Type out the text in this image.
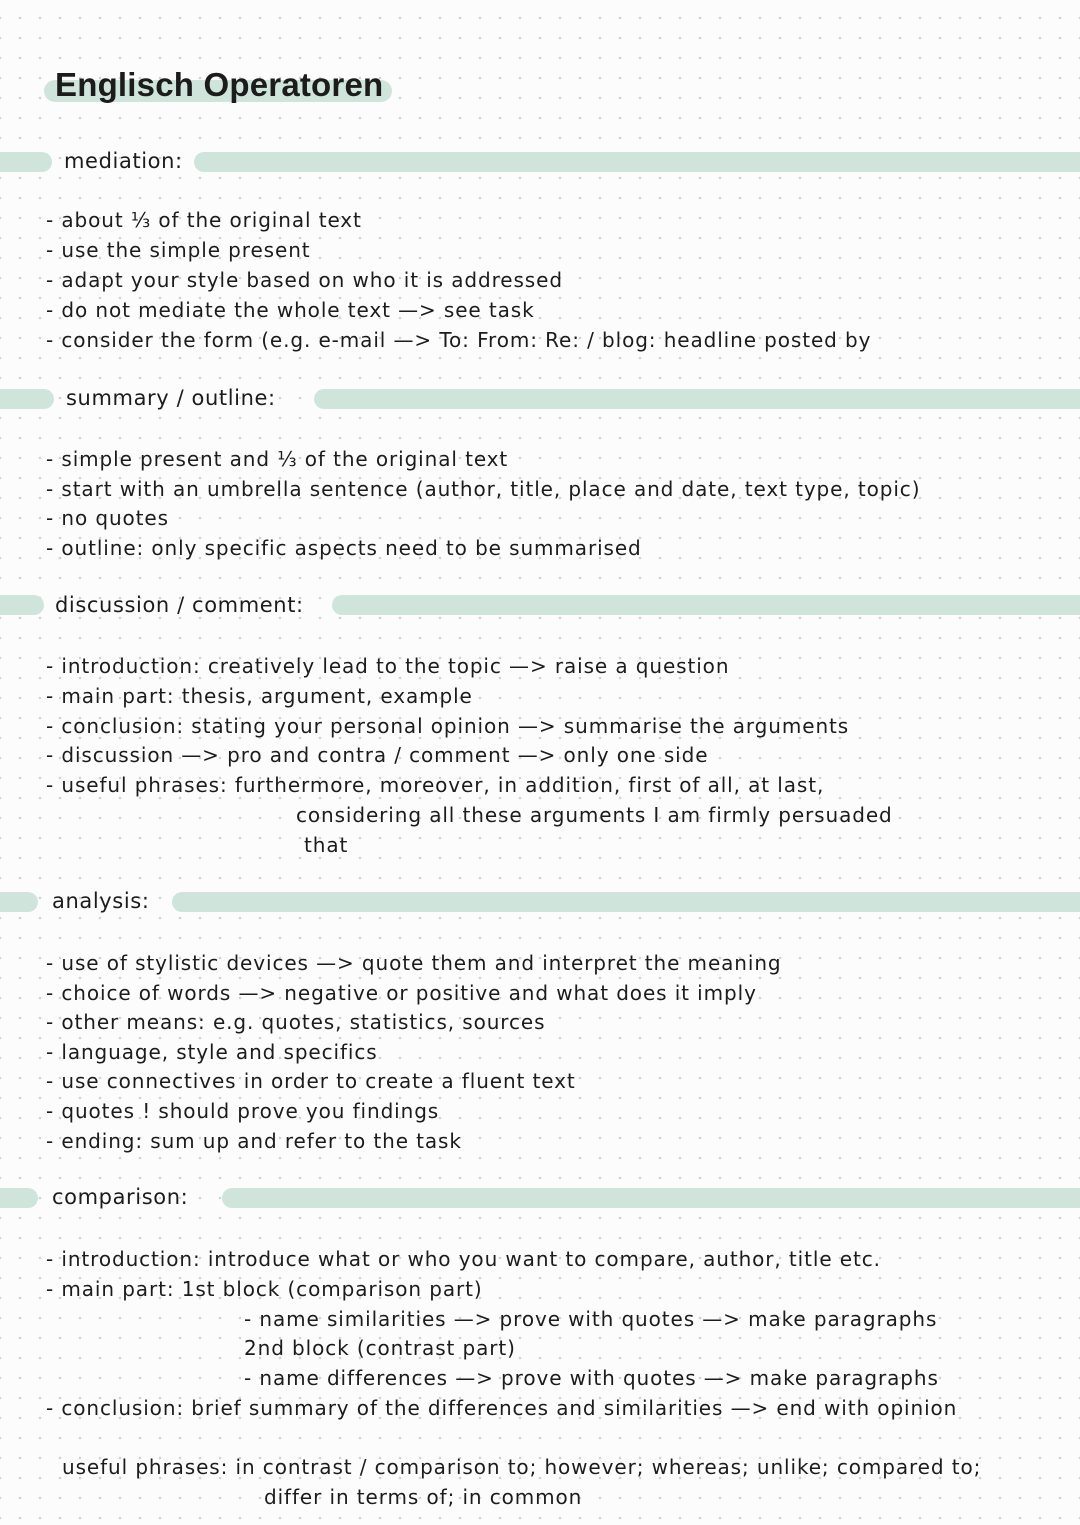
Englisch Operatoren
mediation:
- about ⅓ of the original text
- use the simple present
- adapt your style based on who it is addressed
- do not mediate the whole text —> see task
- consider the form (e.g. e-mail —> To: From: Re: / blog: headline posted by
summary / outline:
- simple present and ⅓ of the original text
- start with an umbrella sentence (author, title, place and date, text type, topic)
- no quotes
- outline: only specific aspects need to be summarised
discussion / comment:
- introduction: creatively lead to the topic —> raise a question
- main part: thesis, argument, example
- conclusion: stating your personal opinion —> summarise the arguments
- discussion —> pro and contra / comment —> only one side
- useful phrases: furthermore, moreover, in addition, first of all, at last,
considering all these arguments I am firmly persuaded
that
analysis:
- use of stylistic devices —> quote them and interpret the meaning
- choice of words —> negative or positive and what does it imply
- other means: e.g. quotes, statistics, sources
- language, style and specifics
- use connectives in order to create a fluent text
- quotes ! should prove you findings
- ending: sum up and refer to the task
comparison:
- introduction: introduce what or who you want to compare, author, title etc.
- main part: 1st block (comparison part)
- name similarities —> prove with quotes —> make paragraphs
2nd block (contrast part)
- name differences —> prove with quotes —> make paragraphs
- conclusion: brief summary of the differences and similarities —> end with opinion
useful phrases: in contrast / comparison to; however; whereas; unlike; compared to;
differ in terms of; in common
